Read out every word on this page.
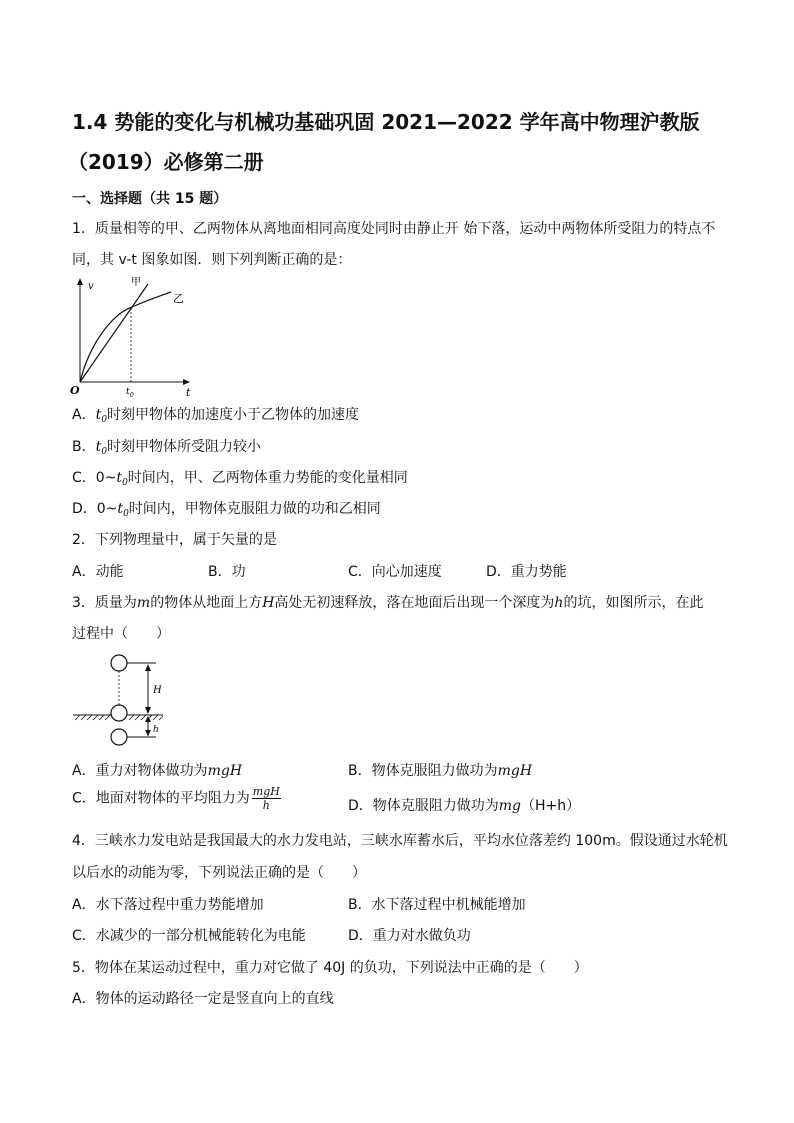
1.4 势能的变化与机械功基础巩固 2021—2022 学年高中物理沪教版
（2019）必修第二册
一、选择题（共 15 题）
1．质量相等的甲、乙两物体从离地面相同高度处同时由静止开 始下落，运动中两物体所受阻力的特点不
同，其 v-t 图象如图．则下列判断正确的是：
v
t
O	t 0
甲
乙
A．$t_0$时刻甲物体的加速度小于乙物体的加速度
B．$t_0$时刻甲物体所受阻力较小
C．$0\sim t_0$时间内，甲、乙两物体重力势能的变化量相同
D．$0\sim t_0$时间内，甲物体克服阻力做的功和乙相同
2．下列物理量中，属于矢量的是
A．动能	B．功	C．向心加速度	D．重力势能
3．质量为m的物体从地面上方H高处无初速释放，落在地面后出现一个深度为h的坑，如图所示，在此
过程中（　　）
H
h
A．重力对物体做功为mgH	B．物体克服阻力做功为mgH
C．地面对物体的平均阻力为 $\frac{\text{mgH}}{h}$	D．物体克服阻力做功为mg（H+h）
4．三峡水力发电站是我国最大的水力发电站，三峡水库蓄水后，平均水位落差约 100m。假设通过水轮机
以后水的动能为零，下列说法正确的是（　　）
A．水下落过程中重力势能增加	B．水下落过程中机械能增加
C．水减少的一部分机械能转化为电能	D．重力对水做负功
5．物体在某运动过程中，重力对它做了 40J 的负功，下列说法中正确的是（　　）
A．物体的运动路径一定是竖直向上的直线
